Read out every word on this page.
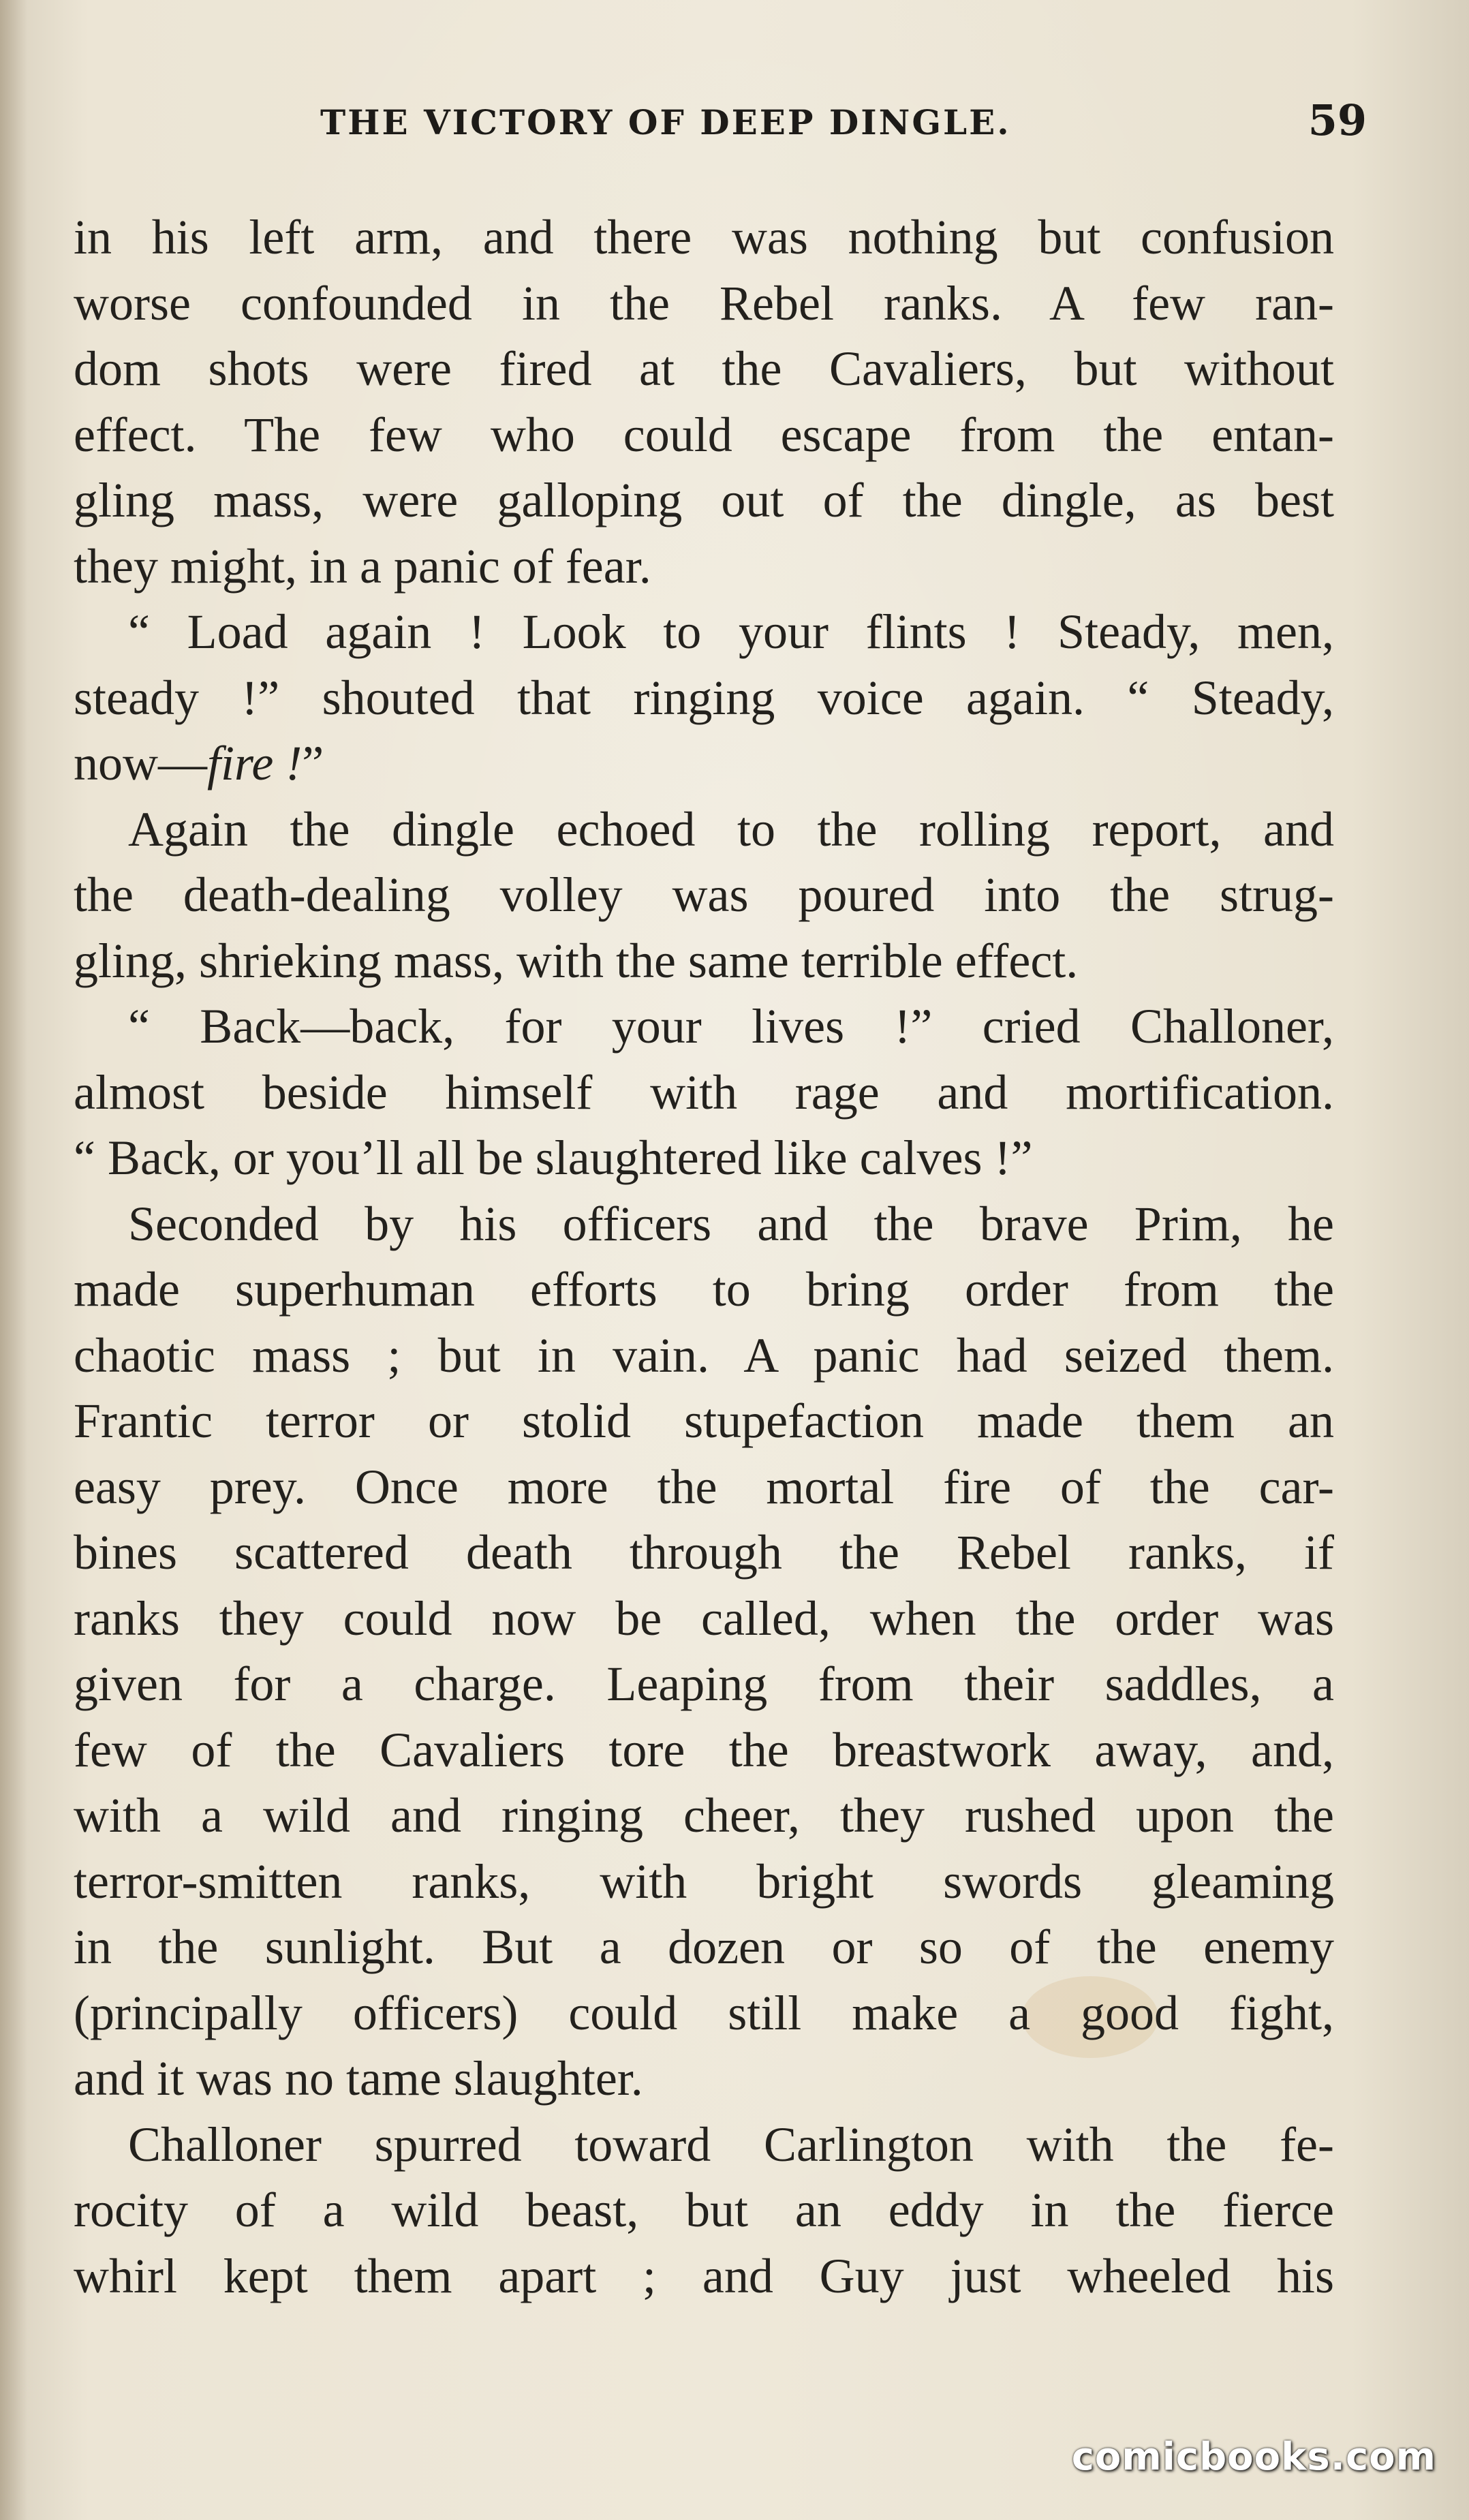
THE VICTORY OF DEEP DINGLE.	59
in his left arm, and there was nothing but confusion
worse confounded in the Rebel ranks. A few ran-
dom shots were fired at the Cavaliers, but without
effect. The few who could escape from the entan-
gling mass, were galloping out of the dingle, as best
they might, in a panic of fear.
“ Load again ! Look to your flints ! Steady, men,
steady !” shouted that ringing voice again. “ Steady,
now—fire !”
Again the dingle echoed to the rolling report, and
the death-dealing volley was poured into the strug-
gling, shrieking mass, with the same terrible effect.
“ Back—back, for your lives !” cried Challoner,
almost beside himself with rage and mortification.
“ Back, or you’ll all be slaughtered like calves !”
Seconded by his officers and the brave Prim, he
made superhuman efforts to bring order from the
chaotic mass ; but in vain. A panic had seized them.
Frantic terror or stolid stupefaction made them an
easy prey. Once more the mortal fire of the car-
bines scattered death through the Rebel ranks, if
ranks they could now be called, when the order was
given for a charge. Leaping from their saddles, a
few of the Cavaliers tore the breastwork away, and,
with a wild and ringing cheer, they rushed upon the
terror-smitten ranks, with bright swords gleaming
in the sunlight. But a dozen or so of the enemy
(principally officers) could still make a good fight,
and it was no tame slaughter.
Challoner spurred toward Carlington with the fe-
rocity of a wild beast, but an eddy in the fierce
whirl kept them apart ; and Guy just wheeled his
comicbooks.com
